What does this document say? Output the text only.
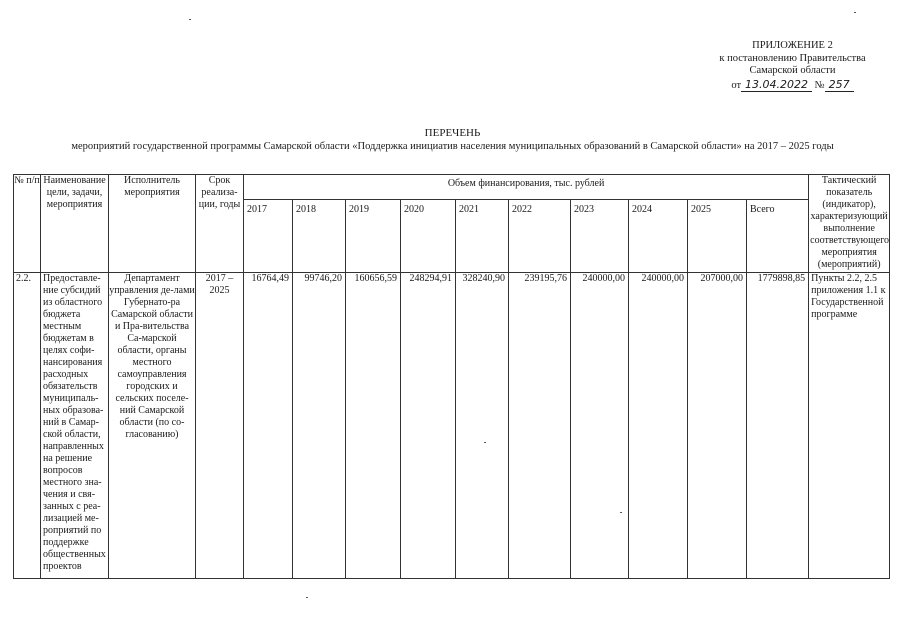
ПРИЛОЖЕНИЕ 2
к постановлению Правительства
Самарской области
от 13.04.2022 № 257
ПЕРЕЧЕНЬ
мероприятий государственной программы Самарской области «Поддержка инициатив населения муниципальных образований в Самарской области» на 2017 – 2025 годы
№ п/п	Наименование цели, задачи, мероприятия	Исполнитель мероприятия	Срок реализа-ции, годы	Объем финансирования, тыс. рублей										Тактический показатель (индикатор), характеризующий выполнение соответствующего мероприятия (мероприятий)
				2017	2018	2019	2020	2021	2022	2023	2024	2025	Всего	
2.2.	Предоставле-ние субсидий из областного бюджета местным бюджетам в целях софи-нансирования расходных обязательств муниципаль-ных образова-ний в Самар-ской области, направленных на решение вопросов местного зна-чения и свя-занных с реа-лизацией ме-роприятий по поддержке общественных проектов	Департамент управления де-лами Губернато-ра Самарской области и Пра-вительства Са-марской области, органы местного самоуправления городских и сельских поселе-ний Самарской области (по со-гласованию)	2017 – 2025	16764,49	99746,20	160656,59	248294,91	328240,90	239195,76	240000,00	240000,00	207000,00	1779898,85	Пункты 2.2, 2.5 приложения 1.1 к Государственной программе
